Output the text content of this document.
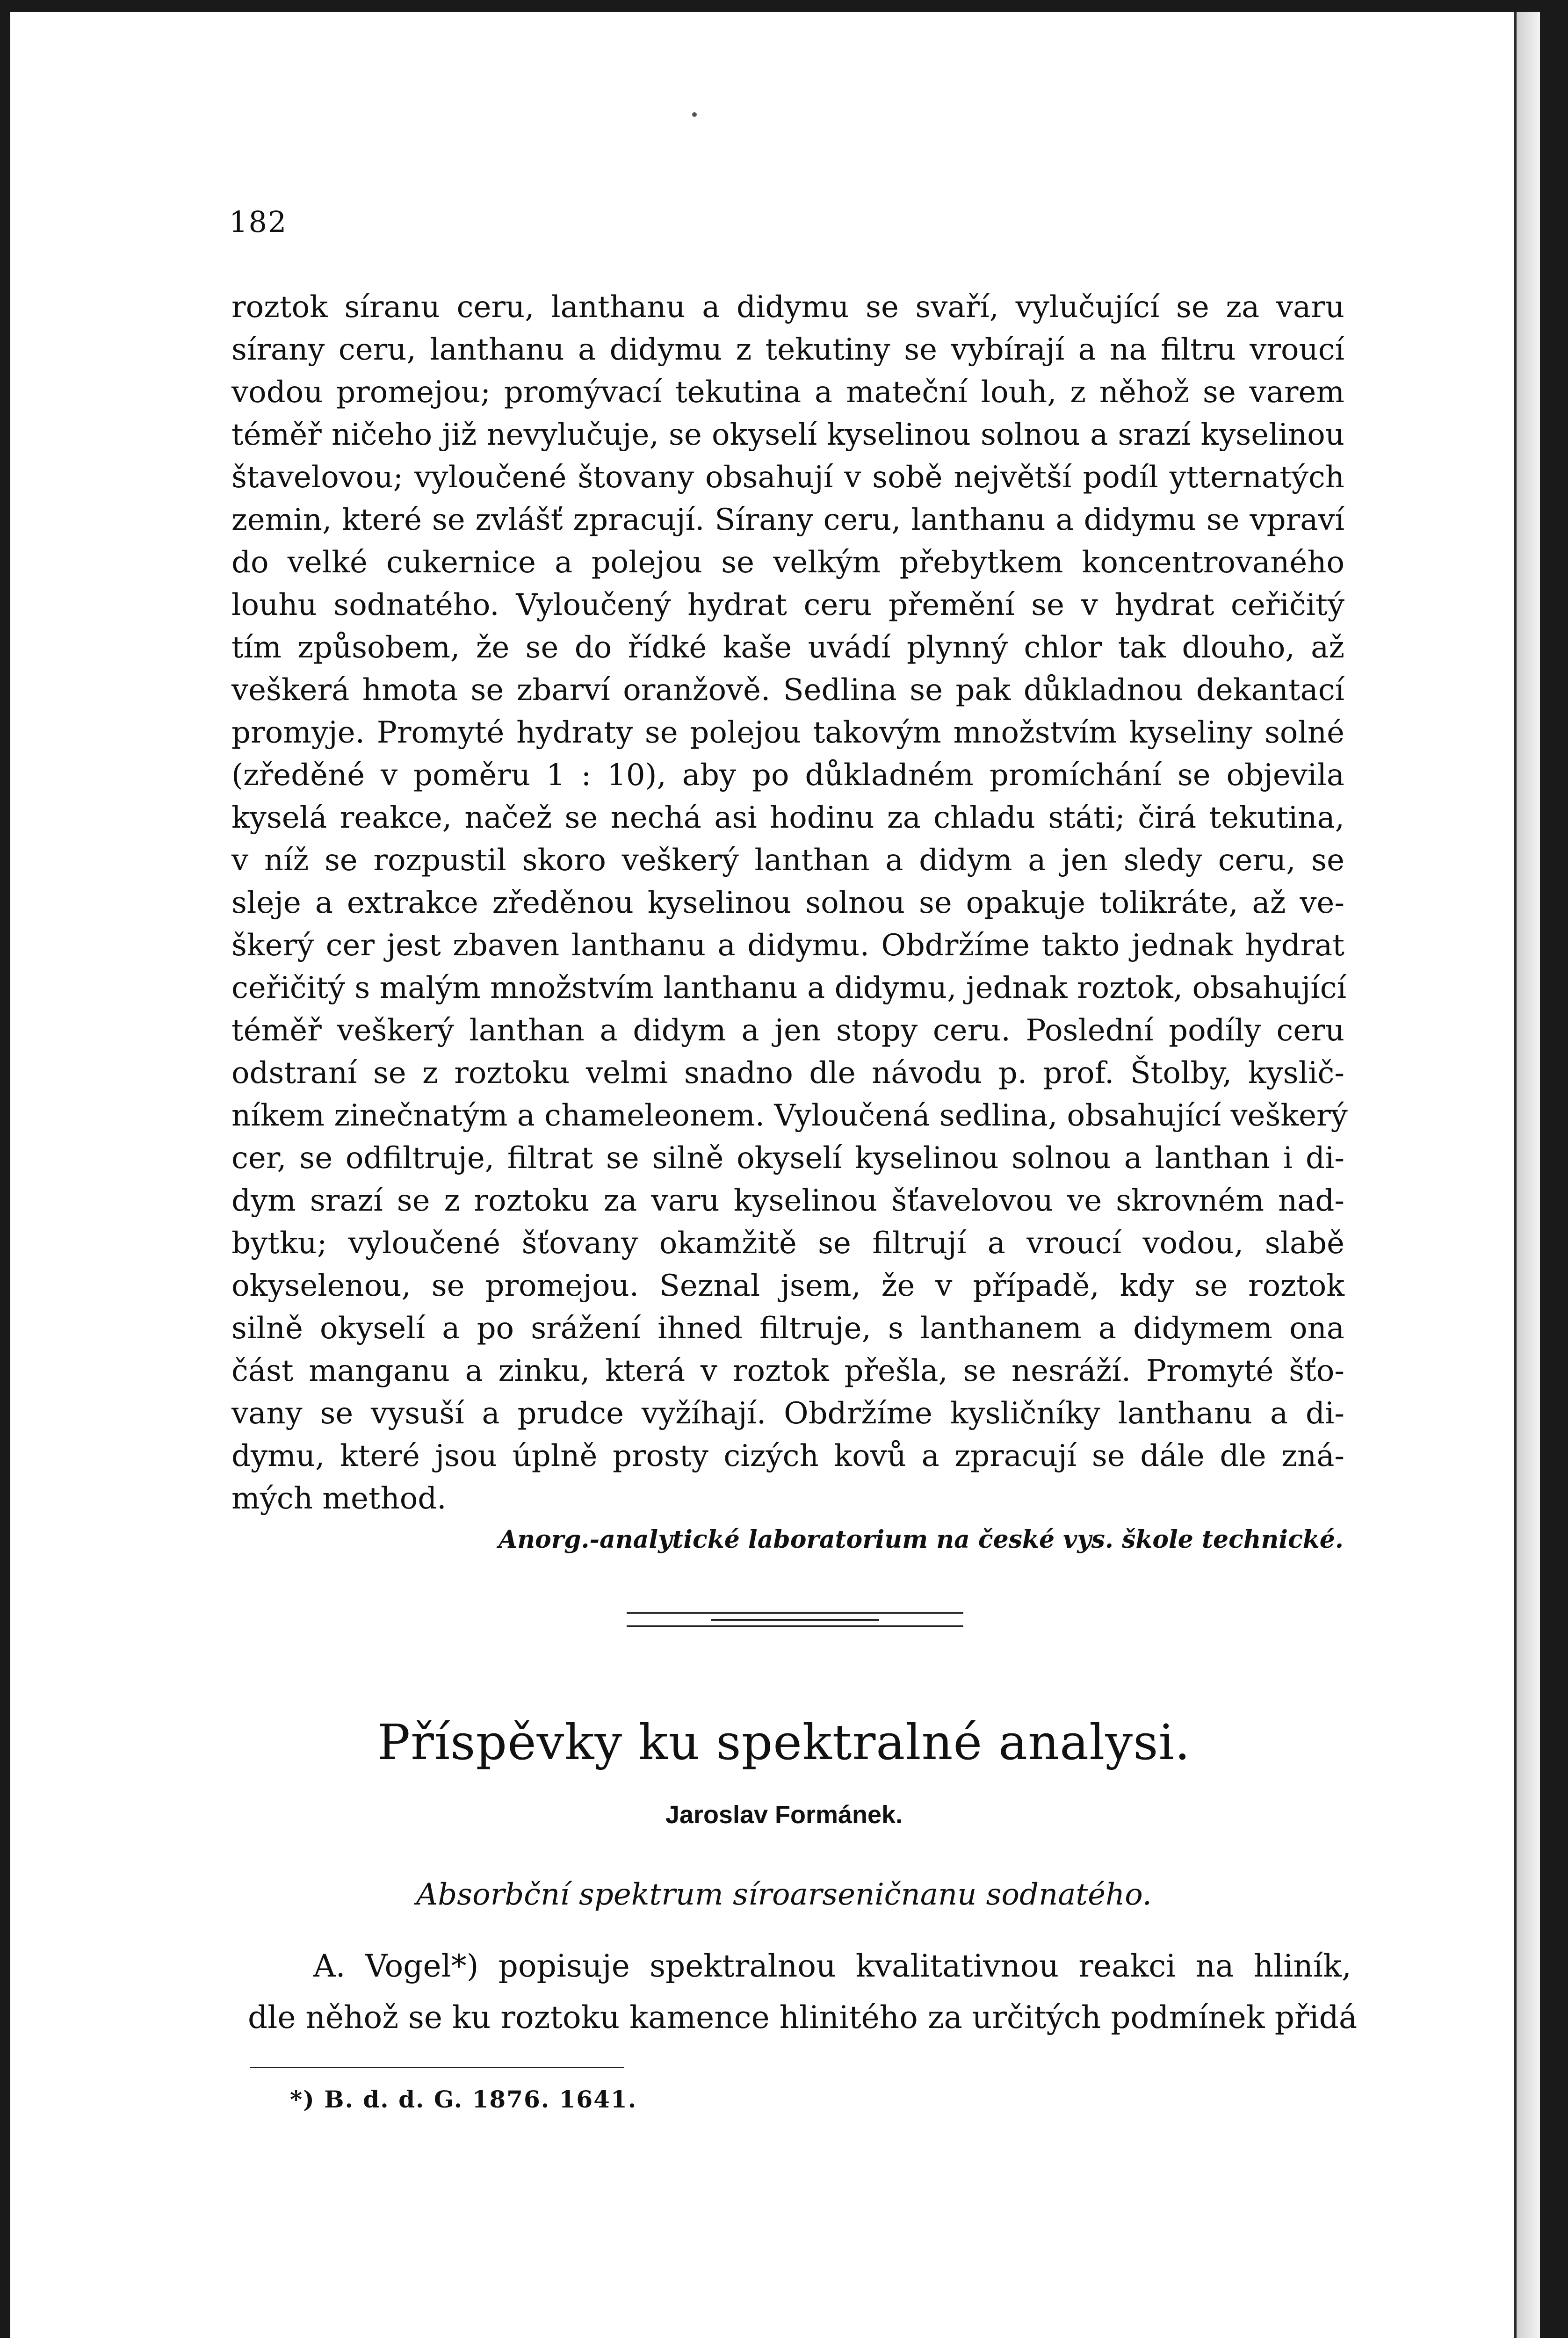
182
roztok síranu ceru, lanthanu a didymu se svaří, vylučující se za varu
sírany ceru, lanthanu a didymu z tekutiny se vybírají a na filtru vroucí
vodou promejou; promývací tekutina a mateční louh, z něhož se varem
téměř ničeho již nevylučuje, se okyselí kyselinou solnou a srazí kyselinou
štavelovou; vyloučené štovany obsahují v sobě největší podíl ytternatých
zemin, které se zvlášť zpracují. Sírany ceru, lanthanu a didymu se vpraví
do velké cukernice a polejou se velkým přebytkem koncentrovaného
louhu sodnatého. Vyloučený hydrat ceru přemění se v hydrat ceřičitý
tím způsobem, že se do řídké kaše uvádí plynný chlor tak dlouho, až
veškerá hmota se zbarví oranžově. Sedlina se pak důkladnou dekantací
promyje. Promyté hydraty se polejou takovým množstvím kyseliny solné
(zředěné v poměru 1 : 10), aby po důkladném promíchání se objevila
kyselá reakce, načež se nechá asi hodinu za chladu státi; čirá tekutina,
v níž se rozpustil skoro veškerý lanthan a didym a jen sledy ceru, se
sleje a extrakce zředěnou kyselinou solnou se opakuje tolikráte, až ve-
škerý cer jest zbaven lanthanu a didymu. Obdržíme takto jednak hydrat
ceřičitý s malým množstvím lanthanu a didymu, jednak roztok, obsahující
téměř veškerý lanthan a didym a jen stopy ceru. Poslední podíly ceru
odstraní se z roztoku velmi snadno dle návodu p. prof. Štolby, kyslič-
níkem zinečnatým a chameleonem. Vyloučená sedlina, obsahující veškerý
cer, se odfiltruje, filtrat se silně okyselí kyselinou solnou a lanthan i di-
dym srazí se z roztoku za varu kyselinou šťavelovou ve skrovném nad-
bytku; vyloučené šťovany okamžitě se filtrují a vroucí vodou, slabě
okyselenou, se promejou. Seznal jsem, že v případě, kdy se roztok
silně okyselí a po srážení ihned filtruje, s lanthanem a didymem ona
část manganu a zinku, která v roztok přešla, se nesráží. Promyté šťo-
vany se vysuší a prudce vyžíhají. Obdržíme kysličníky lanthanu a di-
dymu, které jsou úplně prosty cizých kovů a zpracují se dále dle zná-
mých method.
Anorg.-analytické laboratorium na české vys. škole technické.
Příspěvky ku spektralné analysi.
Jaroslav Formánek.
Absorbční spektrum síroarseničnanu sodnatého.
A. Vogel*) popisuje spektralnou kvalitativnou reakci na hliník,
dle něhož se ku roztoku kamence hlinitého za určitých podmínek přidá
*) B. d. d. G. 1876. 1641.
